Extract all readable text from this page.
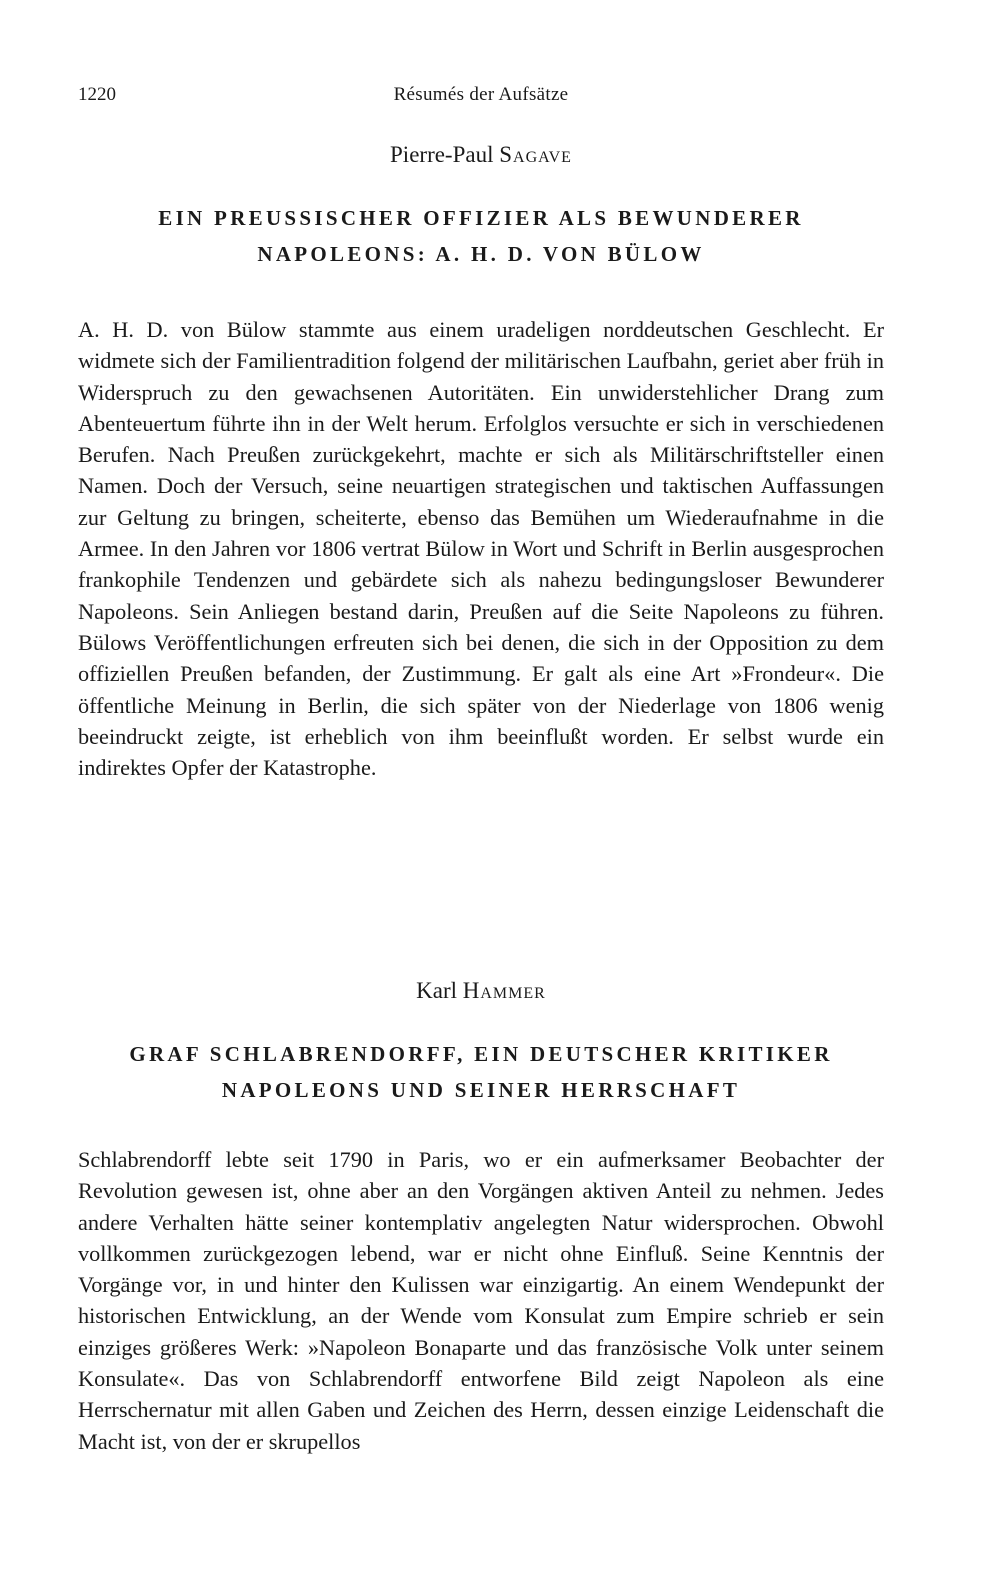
1220	Résumés der Aufsätze

Pierre-Paul Sagave

EIN PREUSSISCHER OFFIZIER ALS BEWUNDERER
NAPOLEONS: A. H. D. VON BÜLOW

A. H. D. von Bülow stammte aus einem uradeligen norddeutschen Geschlecht. Er widmete sich der Familientradition folgend der militärischen Laufbahn, geriet aber früh in Widerspruch zu den gewachsenen Autoritäten. Ein unwiderstehlicher Drang zum Abenteuertum führte ihn in der Welt herum. Erfolglos versuchte er sich in verschiedenen Berufen. Nach Preußen zurückgekehrt, machte er sich als Militärschriftsteller einen Namen. Doch der Versuch, seine neuartigen strategischen und taktischen Auffassungen zur Geltung zu bringen, scheiterte, ebenso das Bemühen um Wiederaufnahme in die Armee. In den Jahren vor 1806 vertrat Bülow in Wort und Schrift in Berlin ausgesprochen frankophile Tendenzen und gebärdete sich als nahezu bedingungsloser Bewunderer Napoleons. Sein Anliegen bestand darin, Preußen auf die Seite Napoleons zu führen. Bülows Veröffentlichungen erfreuten sich bei denen, die sich in der Opposition zu dem offiziellen Preußen befanden, der Zustimmung. Er galt als eine Art »Frondeur«. Die öffentliche Meinung in Berlin, die sich später von der Niederlage von 1806 wenig beeindruckt zeigte, ist erheblich von ihm beeinflußt worden. Er selbst wurde ein indirektes Opfer der Katastrophe.

Karl Hammer

GRAF SCHLABRENDORFF, EIN DEUTSCHER KRITIKER
NAPOLEONS UND SEINER HERRSCHAFT

Schlabrendorff lebte seit 1790 in Paris, wo er ein aufmerksamer Beobachter der Revolution gewesen ist, ohne aber an den Vorgängen aktiven Anteil zu nehmen. Jedes andere Verhalten hätte seiner kontemplativ angelegten Natur widersprochen. Obwohl vollkommen zurückgezogen lebend, war er nicht ohne Einfluß. Seine Kenntnis der Vorgänge vor, in und hinter den Kulissen war einzigartig. An einem Wendepunkt der historischen Entwicklung, an der Wende vom Konsulat zum Empire schrieb er sein einziges größeres Werk: »Napoleon Bonaparte und das französische Volk unter seinem Konsulate«. Das von Schlabrendorff entworfene Bild zeigt Napoleon als eine Herrschernatur mit allen Gaben und Zeichen des Herrn, dessen einzige Leidenschaft die Macht ist, von der er skrupellos
